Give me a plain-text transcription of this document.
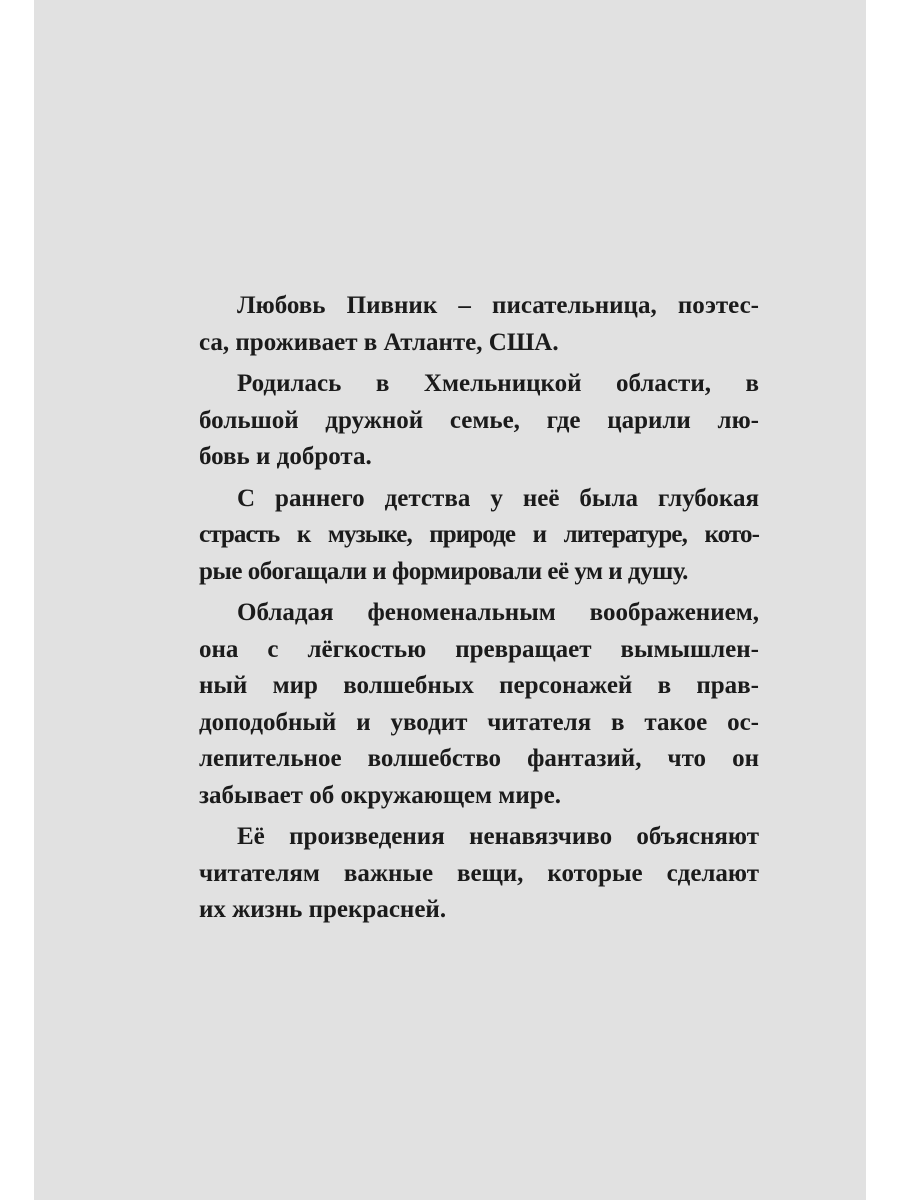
Любовь Пивник – писательница, поэтес-
са, проживает в Атланте, США.
Родилась в Хмельницкой области, в
большой дружной семье, где царили лю-
бовь и доброта.
С раннего детства у неё была глубокая
страсть к музыке, природе и литературе, кото-
рые обогащали и формировали её ум и душу.
Обладая феноменальным воображением,
она с лёгкостью превращает вымышлен-
ный мир волшебных персонажей в прав-
доподобный и уводит читателя в такое ос-
лепительное волшебство фантазий, что он
забывает об окружающем мире.
Её произведения ненавязчиво объясняют
читателям важные вещи, которые сделают
их жизнь прекрасней.
